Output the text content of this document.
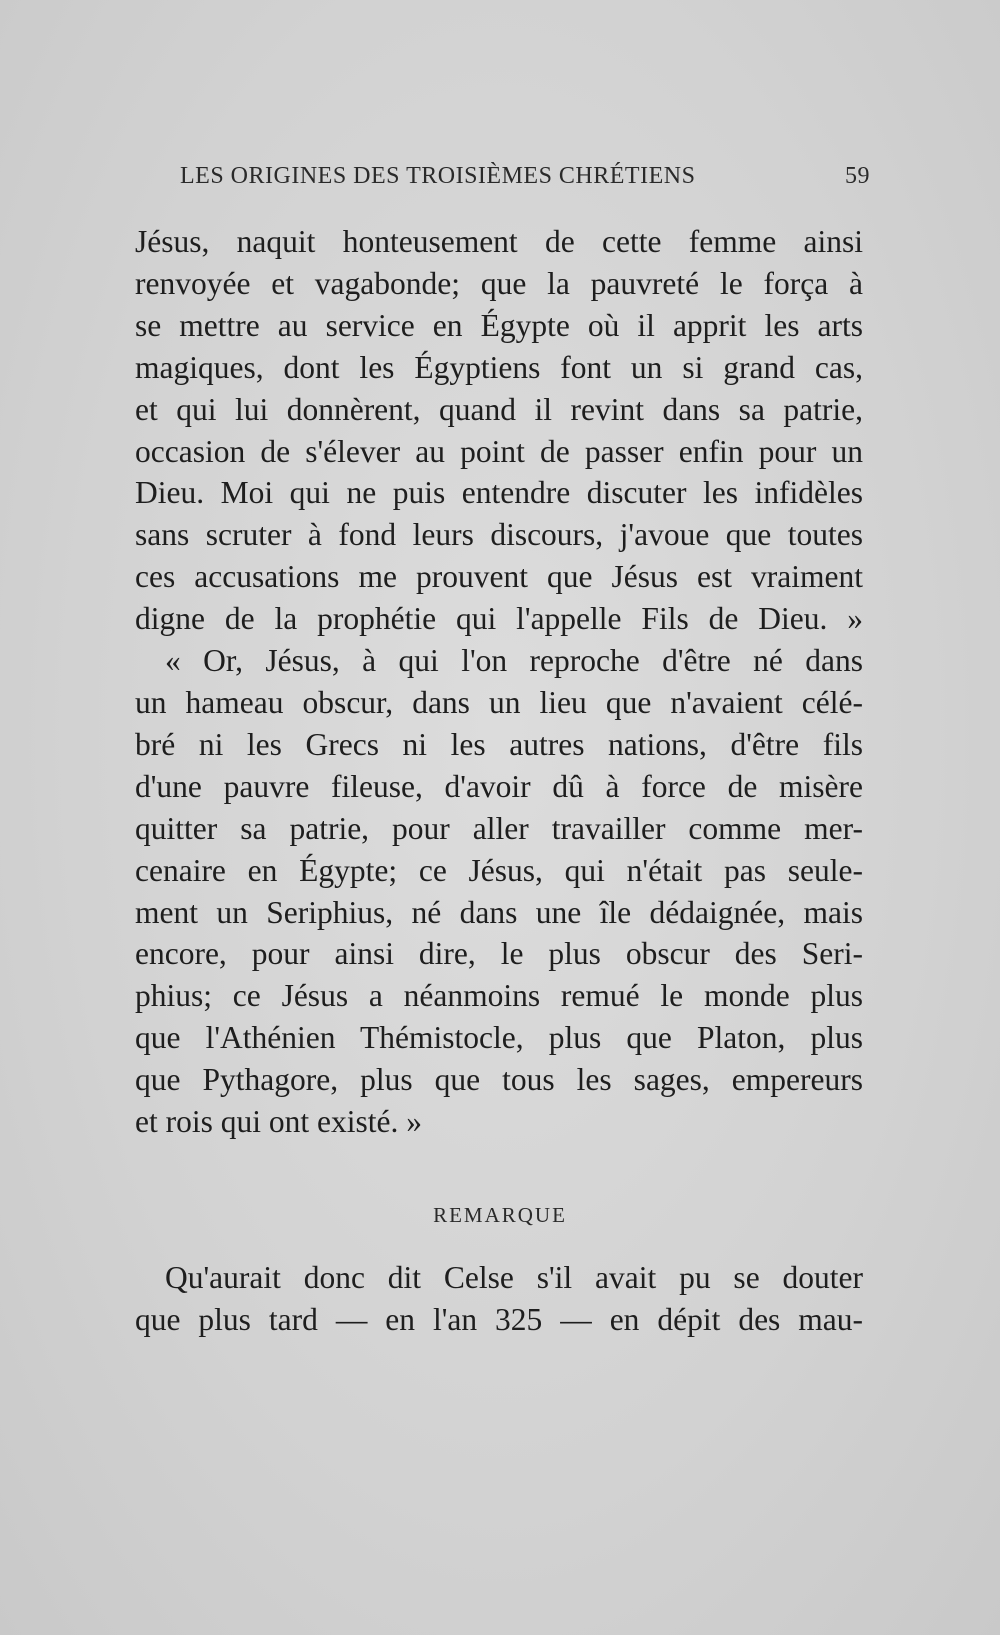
LES ORIGINES DES TROISIÈMES CHRÉTIENS	59
Jésus, naquit honteusement de cette femme ainsi
renvoyée et vagabonde; que la pauvreté le força à
se mettre au service en Égypte où il apprit les arts
magiques, dont les Égyptiens font un si grand cas,
et qui lui donnèrent, quand il revint dans sa patrie,
occasion de s'élever au point de passer enfin pour un
Dieu. Moi qui ne puis entendre discuter les infidèles
sans scruter à fond leurs discours, j'avoue que toutes
ces accusations me prouvent que Jésus est vraiment
digne de la prophétie qui l'appelle Fils de Dieu. »
« Or, Jésus, à qui l'on reproche d'être né dans
un hameau obscur, dans un lieu que n'avaient célé-
bré ni les Grecs ni les autres nations, d'être fils
d'une pauvre fileuse, d'avoir dû à force de misère
quitter sa patrie, pour aller travailler comme mer-
cenaire en Égypte; ce Jésus, qui n'était pas seule-
ment un Seriphius, né dans une île dédaignée, mais
encore, pour ainsi dire, le plus obscur des Seri-
phius; ce Jésus a néanmoins remué le monde plus
que l'Athénien Thémistocle, plus que Platon, plus
que Pythagore, plus que tous les sages, empereurs
et rois qui ont existé. »
REMARQUE
Qu'aurait donc dit Celse s'il avait pu se douter
que plus tard — en l'an 325 — en dépit des mau-
